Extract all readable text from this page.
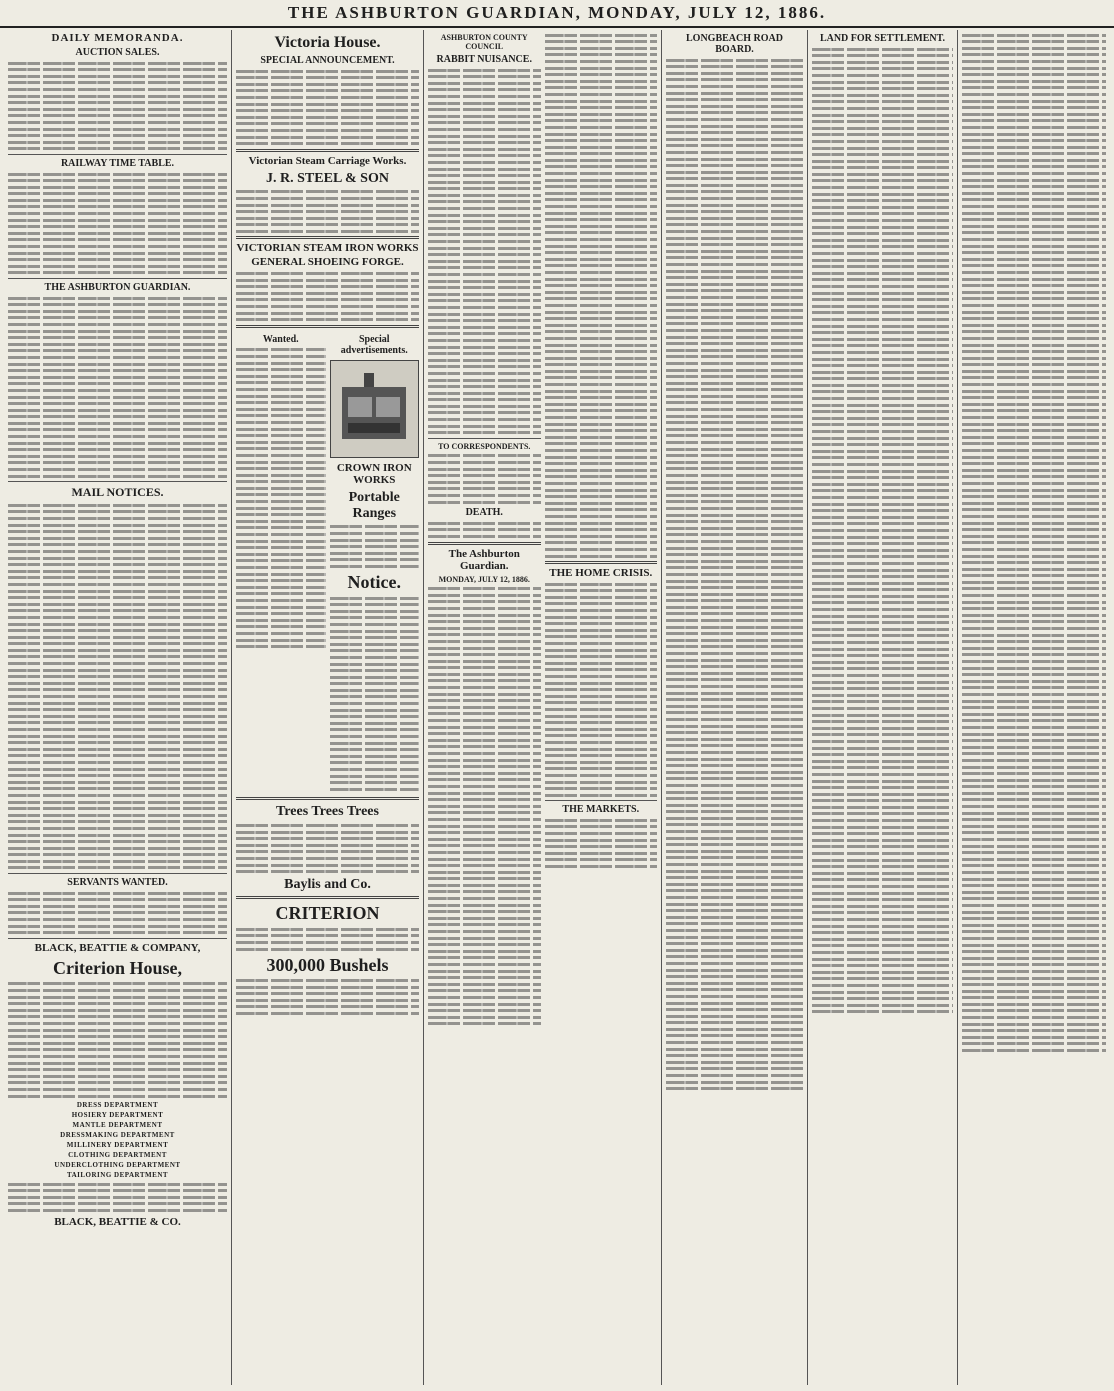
THE ASHBURTON GUARDIAN, MONDAY, JULY 12, 1886.
DAILY MEMORANDA.
AUCTION SALES.
RAILWAY TIME TABLE.
THE ASHBURTON GUARDIAN.
MAIL NOTICES.
SERVANTS WANTED.
BLACK, BEATTIE & COMPANY,
Criterion House,
DRESS DEPARTMENT
HOSIERY DEPARTMENT
MANTLE DEPARTMENT
DRESSMAKING DEPARTMENT
MILLINERY DEPARTMENT
CLOTHING DEPARTMENT
UNDERCLOTHING DEPARTMENT
TAILORING DEPARTMENT
BLACK, BEATTIE & CO.
Victoria House.
SPECIAL ANNOUNCEMENT.
Victorian Steam Carriage Works.
J. R. STEEL & SON
VICTORIAN STEAM IRON WORKS
GENERAL SHOEING FORGE.
Wanted.	Special advertisements.
CROWN IRON WORKS
Portable Ranges
Notice.
Trees Trees Trees
Baylis and Co.
CRITERION
300,000 Bushels
ASHBURTON COUNTY COUNCIL
RABBIT NUISANCE.
TO CORRESPONDENTS.
DEATH.
The Ashburton Guardian.
MONDAY, JULY 12, 1886.	THE HOME CRISIS.
THE MARKETS.
LONGBEACH ROAD BOARD.
LAND FOR SETTLEMENT.
